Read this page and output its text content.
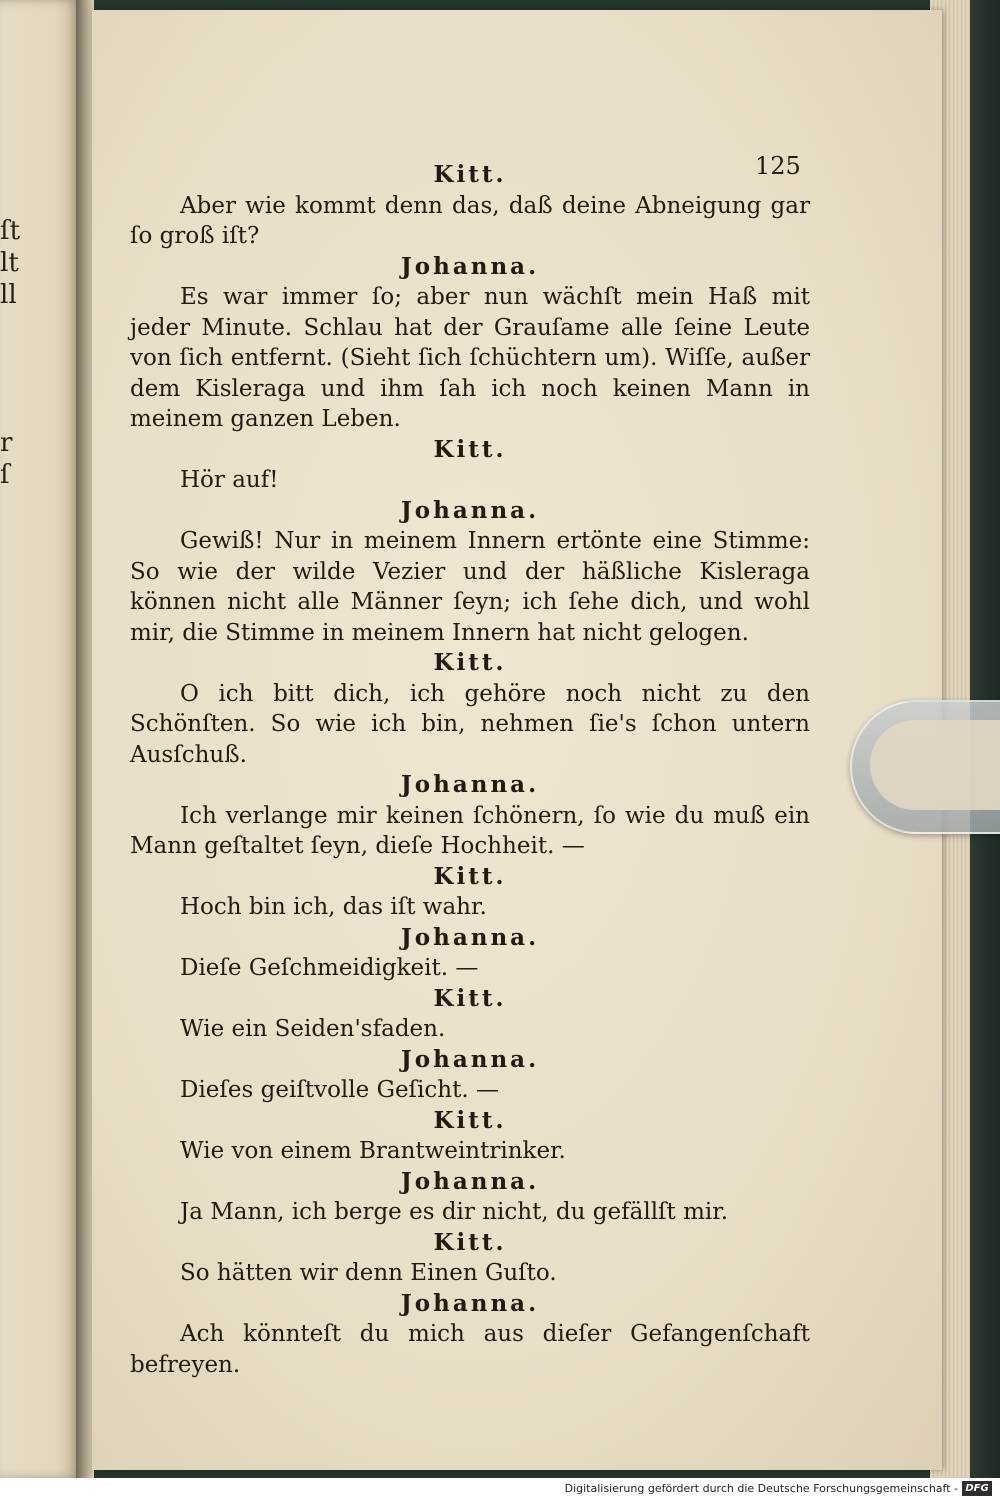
ſt
lt
ll
r
ſ
125
Kitt.

Aber wie kommt denn das, daß deine Abneigung gar ſo groß iſt?

Johanna.

Es war immer ſo; aber nun wächſt mein Haß mit jeder Minute. Schlau hat der Grauſame alle ſeine Leute von ſich entfernt. (Sieht ſich ſchüchtern um). Wiſſe, außer dem Kisleraga und ihm ſah ich noch keinen Mann in meinem ganzen Leben.

Kitt.

Hör auf!

Johanna.

Gewiß! Nur in meinem Innern ertönte eine Stimme: So wie der wilde Vezier und der häßliche Kisleraga können nicht alle Männer ſeyn; ich ſehe dich, und wohl mir, die Stimme in meinem Innern hat nicht gelogen.

Kitt.

O ich bitt dich, ich gehöre noch nicht zu den Schönſten. So wie ich bin, nehmen ſie's ſchon untern Ausſchuß.

Johanna.

Ich verlange mir keinen ſchönern, ſo wie du muß ein Mann geſtaltet ſeyn, dieſe Hochheit. —

Kitt.

Hoch bin ich, das iſt wahr.

Johanna.

Dieſe Geſchmeidigkeit. —

Kitt.

Wie ein Seiden'sfaden.

Johanna.

Dieſes geiſtvolle Geſicht. —

Kitt.

Wie von einem Brantweintrinker.

Johanna.

Ja Mann, ich berge es dir nicht, du gefällſt mir.

Kitt.

So hätten wir denn Einen Guſto.

Johanna.

Ach könnteſt du mich aus dieſer Gefangenſchaft befreyen.

Digitalisierung gefördert durch die Deutsche Forschungsgemeinschaft - DFG
